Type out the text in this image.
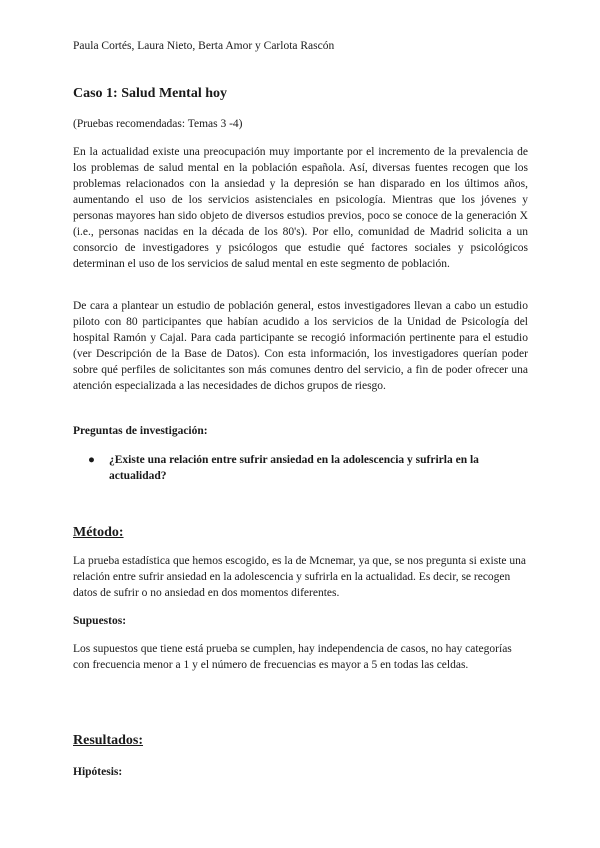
Paula Cortés, Laura Nieto, Berta Amor y Carlota Rascón
Caso 1: Salud Mental hoy
(Pruebas recomendadas: Temas 3 -4)

En la actualidad existe una preocupación muy importante por el incremento de la prevalencia de los problemas de salud mental en la población española. Así, diversas fuentes recogen que los problemas relacionados con la ansiedad y la depresión se han disparado en los últimos años, aumentando el uso de los servicios asistenciales en psicología. Mientras que los jóvenes y personas mayores han sido objeto de diversos estudios previos, poco se conoce de la generación X (i.e., personas nacidas en la década de los 80's). Por ello, comunidad de Madrid solicita a un consorcio de investigadores y psicólogos que estudie qué factores sociales y psicológicos determinan el uso de los servicios de salud mental en este segmento de población.

De cara a plantear un estudio de población general, estos investigadores llevan a cabo un estudio piloto con 80 participantes que habían acudido a los servicios de la Unidad de Psicología del hospital Ramón y Cajal. Para cada participante se recogió información pertinente para el estudio (ver Descripción de la Base de Datos). Con esta información, los investigadores querían poder sobre qué perfiles de solicitantes son más comunes dentro del servicio, a fin de poder ofrecer una atención especializada a las necesidades de dichos grupos de riesgo.

Preguntas de investigación:
● ¿Existe una relación entre sufrir ansiedad en la adolescencia y sufrirla en la actualidad?
Método:

La prueba estadística que hemos escogido, es la de Mcnemar, ya que, se nos pregunta si existe una relación entre sufrir ansiedad en la adolescencia y sufrirla en la actualidad. Es decir, se recogen datos de sufrir o no ansiedad en dos momentos diferentes.

Supuestos:

Los supuestos que tiene está prueba se cumplen, hay independencia de casos, no hay categorías con frecuencia menor a 1 y el número de frecuencias es mayor a 5 en todas las celdas.

Resultados:
Hipótesis:
